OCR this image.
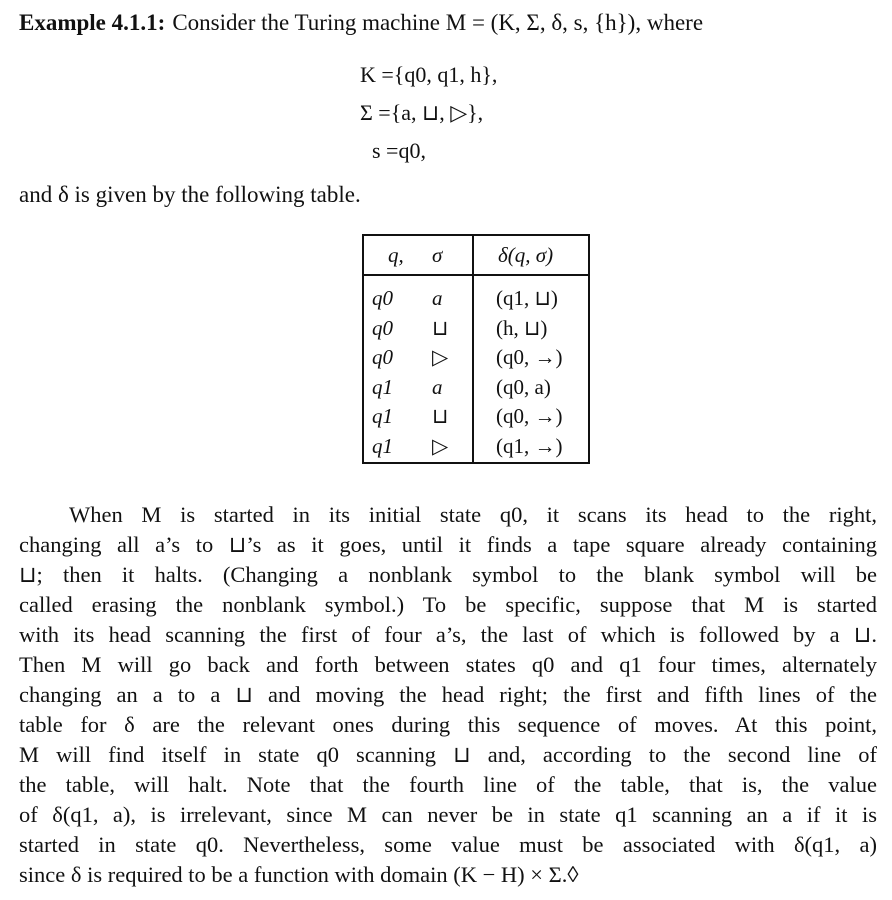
Example 4.1.1: Consider the Turing machine M = (K, Σ, δ, s, {h}), where
K ={q0, q1, h},
Σ ={a, ⊔, ▷},
s =q0,
and δ is given by the following table.
q, σ	δ(q, σ)
q0 a	(q1, ⊔)
q0 ⊔ (h, ⊔)
q0 ▷ (q0, →)
q1 a	(q0, a)
q1 ⊔ (q0, →)
q1 ▷ (q1, →)
When M is started in its initial state q0, it scans its head to the right,
changing all a’s to ⊔’s as it goes, until it finds a tape square already containing
⊔; then it halts. (Changing a nonblank symbol to the blank symbol will be
called erasing the nonblank symbol.) To be specific, suppose that M is started
with its head scanning the first of four a’s, the last of which is followed by a ⊔.
Then M will go back and forth between states q0 and q1 four times, alternately
changing an a to a ⊔ and moving the head right; the first and fifth lines of the
table for δ are the relevant ones during this sequence of moves. At this point,
M will find itself in state q0 scanning ⊔ and, according to the second line of
the table, will halt. Note that the fourth line of the table, that is, the value
of δ(q1, a), is irrelevant, since M can never be in state q1 scanning an a if it is
started in state q0. Nevertheless, some value must be associated with δ(q1, a)
since δ is required to be a function with domain (K − H) × Σ.◊
